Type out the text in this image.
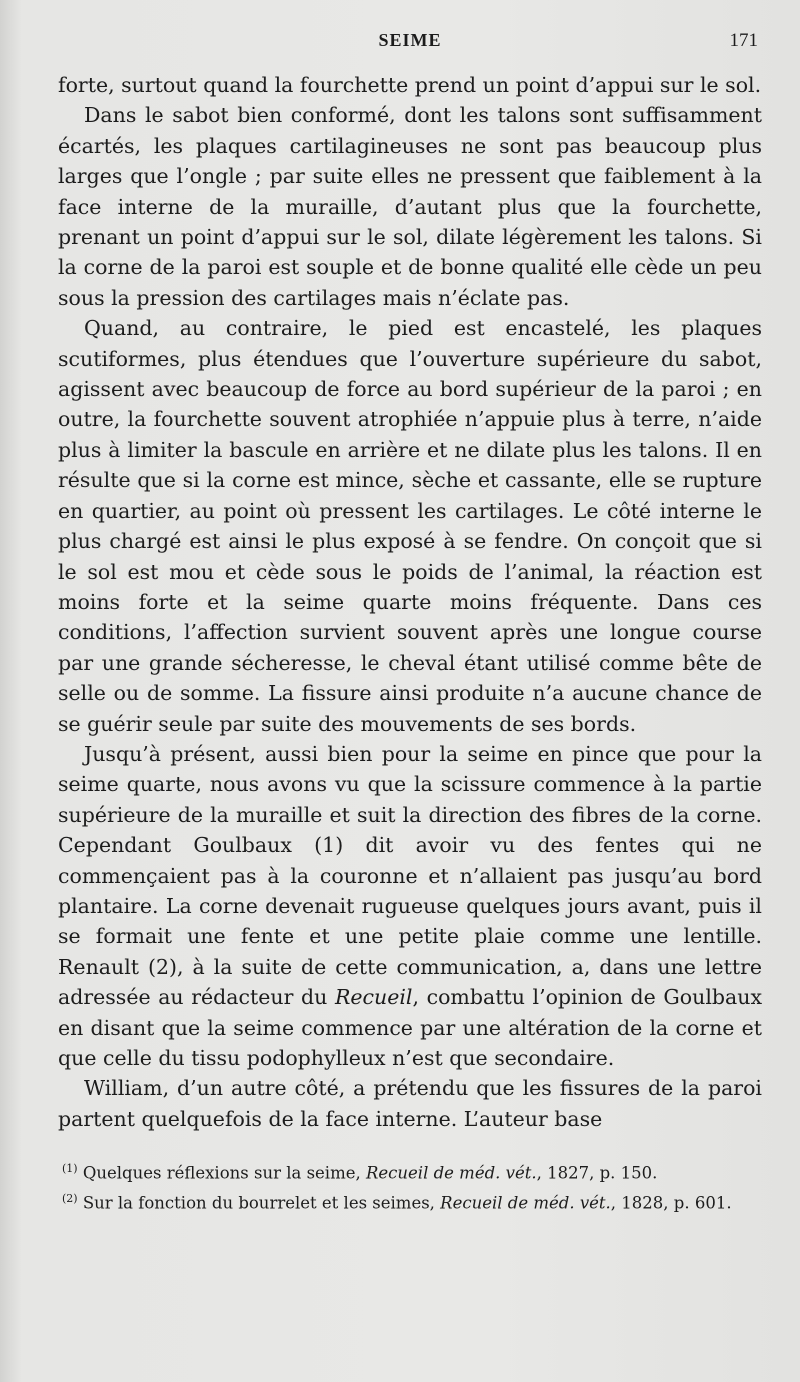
SEIME	171

forte, surtout quand la fourchette prend un point d’appui sur le sol.

Dans le sabot bien conformé, dont les talons sont suffisamment écartés, les plaques cartilagineuses ne sont pas beaucoup plus larges que l’ongle ; par suite elles ne pressent que faiblement à la face interne de la muraille, d’autant plus que la fourchette, prenant un point d’appui sur le sol, dilate légèrement les talons. Si la corne de la paroi est souple et de bonne qualité elle cède un peu sous la pression des cartilages mais n’éclate pas.

Quand, au contraire, le pied est encastelé, les plaques scutiformes, plus étendues que l’ouverture supérieure du sabot, agissent avec beaucoup de force au bord supérieur de la paroi ; en outre, la fourchette souvent atrophiée n’appuie plus à terre, n’aide plus à limiter la bascule en arrière et ne dilate plus les talons. Il en résulte que si la corne est mince, sèche et cassante, elle se rupture en quartier, au point où pressent les cartilages. Le côté interne le plus chargé est ainsi le plus exposé à se fendre. On conçoit que si le sol est mou et cède sous le poids de l’animal, la réaction est moins forte et la seime quarte moins fréquente. Dans ces conditions, l’affection survient souvent après une longue course par une grande sécheresse, le cheval étant utilisé comme bête de selle ou de somme. La fissure ainsi produite n’a aucune chance de se guérir seule par suite des mouvements de ses bords.

Jusqu’à présent, aussi bien pour la seime en pince que pour la seime quarte, nous avons vu que la scissure commence à la partie supérieure de la muraille et suit la direction des fibres de la corne. Cependant Goulbaux (1) dit avoir vu des fentes qui ne commençaient pas à la couronne et n’allaient pas jusqu’au bord plantaire. La corne devenait rugueuse quelques jours avant, puis il se formait une fente et une petite plaie comme une lentille. Renault (2), à la suite de cette communication, a, dans une lettre adressée au rédacteur du Recueil, combattu l’opinion de Goulbaux en disant que la seime commence par une altération de la corne et que celle du tissu podophylleux n’est que secondaire.

William, d’un autre côté, a prétendu que les fissures de la paroi partent quelquefois de la face interne. L’auteur base

$^{(1)}$ Quelques réflexions sur la seime, Recueil de méd. vét., 1827, p. 150.

$^{(2)}$ Sur la fonction du bourrelet et les seimes, Recueil de méd. vét., 1828, p. 601.
